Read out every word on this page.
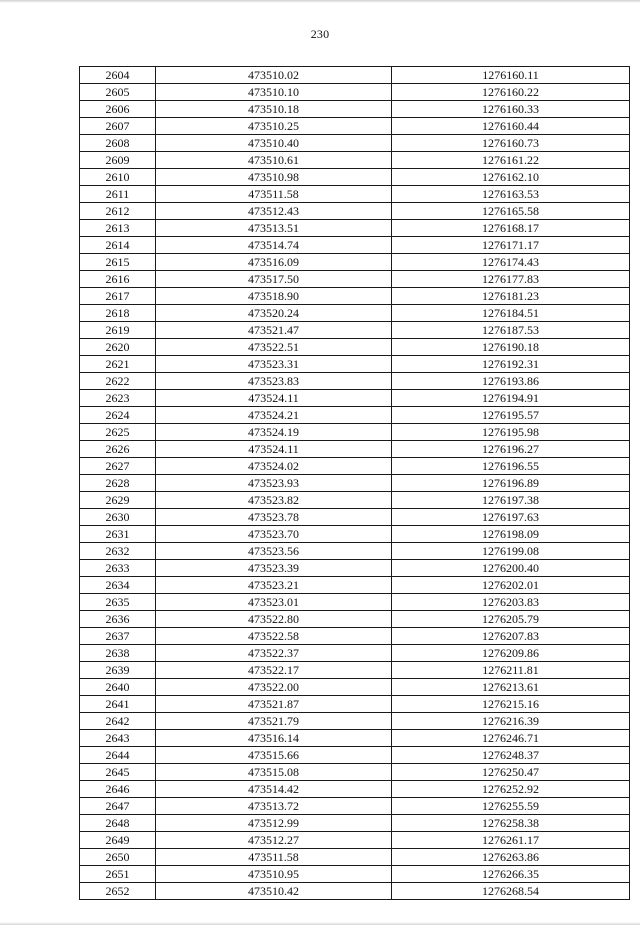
230
2604	473510.02	1276160.11
2605	473510.10	1276160.22
2606	473510.18	1276160.33
2607	473510.25	1276160.44
2608	473510.40	1276160.73
2609	473510.61	1276161.22
2610	473510.98	1276162.10
2611	473511.58	1276163.53
2612	473512.43	1276165.58
2613	473513.51	1276168.17
2614	473514.74	1276171.17
2615	473516.09	1276174.43
2616	473517.50	1276177.83
2617	473518.90	1276181.23
2618	473520.24	1276184.51
2619	473521.47	1276187.53
2620	473522.51	1276190.18
2621	473523.31	1276192.31
2622	473523.83	1276193.86
2623	473524.11	1276194.91
2624	473524.21	1276195.57
2625	473524.19	1276195.98
2626	473524.11	1276196.27
2627	473524.02	1276196.55
2628	473523.93	1276196.89
2629	473523.82	1276197.38
2630	473523.78	1276197.63
2631	473523.70	1276198.09
2632	473523.56	1276199.08
2633	473523.39	1276200.40
2634	473523.21	1276202.01
2635	473523.01	1276203.83
2636	473522.80	1276205.79
2637	473522.58	1276207.83
2638	473522.37	1276209.86
2639	473522.17	1276211.81
2640	473522.00	1276213.61
2641	473521.87	1276215.16
2642	473521.79	1276216.39
2643	473516.14	1276246.71
2644	473515.66	1276248.37
2645	473515.08	1276250.47
2646	473514.42	1276252.92
2647	473513.72	1276255.59
2648	473512.99	1276258.38
2649	473512.27	1276261.17
2650	473511.58	1276263.86
2651	473510.95	1276266.35
2652	473510.42	1276268.54
